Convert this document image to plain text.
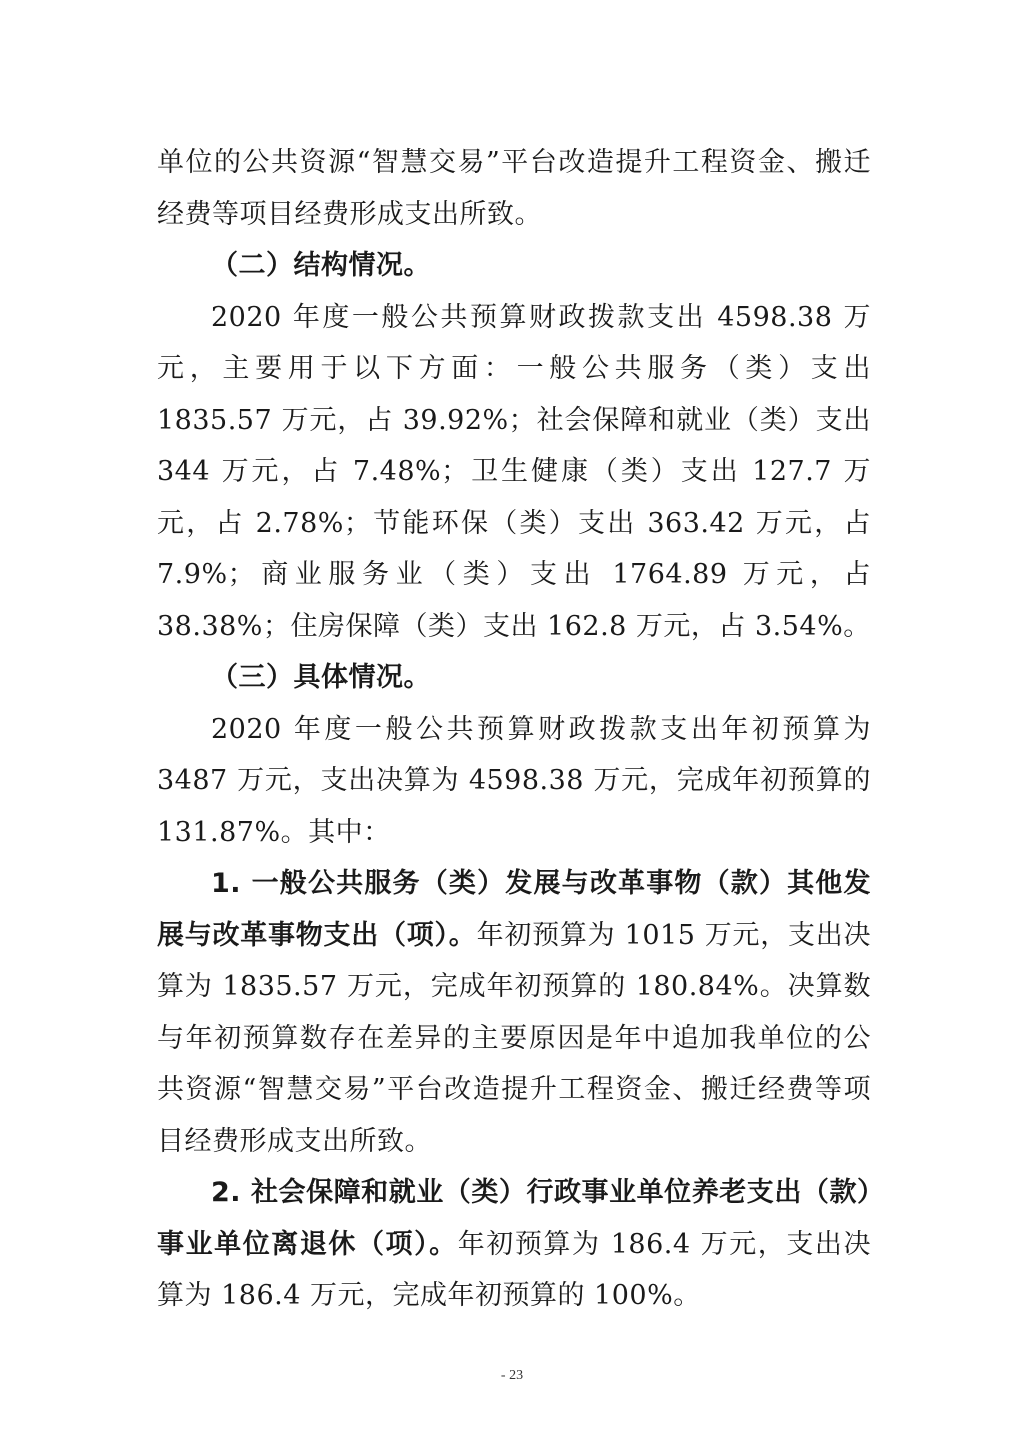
单位的公共资源“智慧交易”平台改造提升工程资金、搬迁经费等项目经费形成支出所致。

（二）结构情况。

2020 年度一般公共预算财政拨款支出 4598.38 万元，主要用于以下方面：一般公共服务（类）支出 1835.57 万元，占 39.92%；社会保障和就业（类）支出 344 万元，占 7.48%；卫生健康（类）支出 127.7 万元，占 2.78%；节能环保（类）支出 363.42 万元，占 7.9%；商业服务业（类）支出 1764.89 万元，占 38.38%；住房保障（类）支出 162.8 万元，占 3.54%。

（三）具体情况。

2020 年度一般公共预算财政拨款支出年初预算为 3487 万元，支出决算为 4598.38 万元，完成年初预算的 131.87%。其中：

1. 一般公共服务（类）发展与改革事物（款）其他发展与改革事物支出（项）。年初预算为 1015 万元，支出决算为 1835.57 万元，完成年初预算的 180.84%。决算数与年初预算数存在差异的主要原因是年中追加我单位的公共资源“智慧交易”平台改造提升工程资金、搬迁经费等项目经费形成支出所致。

2. 社会保障和就业（类）行政事业单位养老支出（款）事业单位离退休（项）。年初预算为 186.4 万元，支出决算为 186.4 万元，完成年初预算的 100%。

- 23
